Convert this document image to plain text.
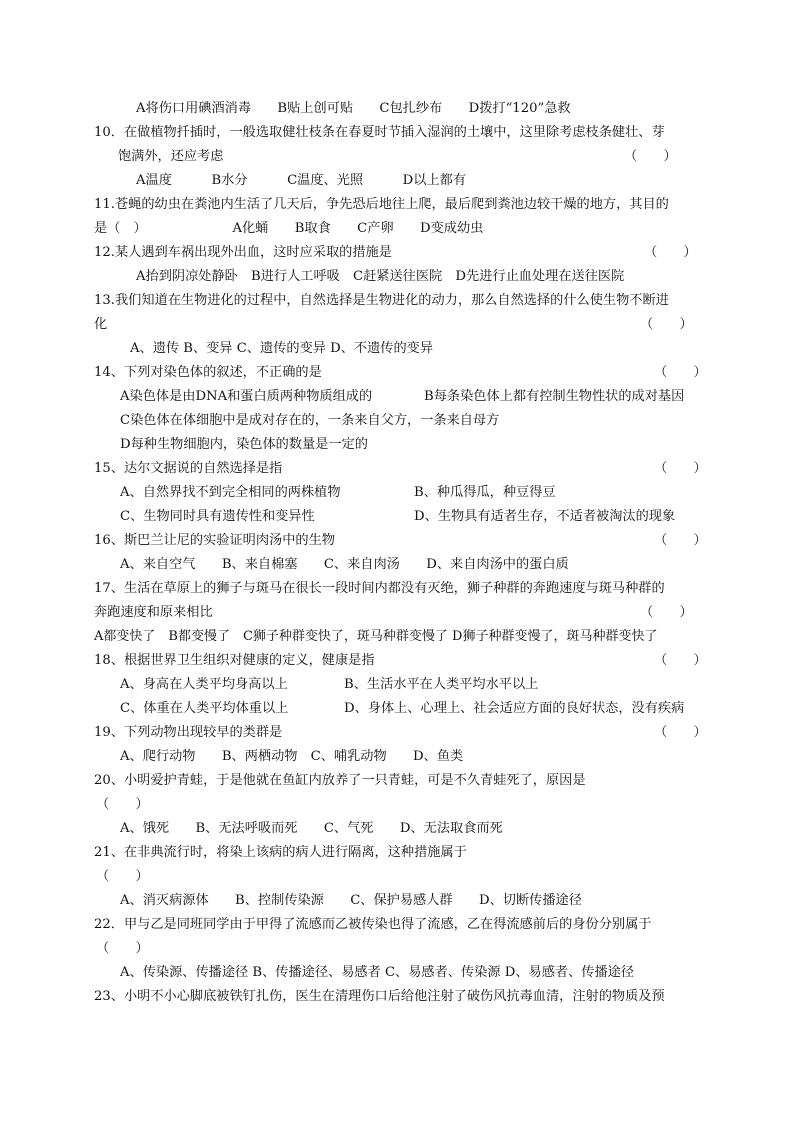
A将伤口用碘酒消毒　　B贴上创可贴　　C包扎纱布　　D拨打“120”急救
10．在做植物扦插时，一般选取健壮枝条在春夏时节插入湿润的土壤中，这里除考虑枝条健壮、芽
饱满外，还应考虑	（　　）
A温度　　　B水分　　　C温度、光照　　　D以上都有
11.苍蝇的幼虫在粪池内生活了几天后，争先恐后地往上爬，最后爬到粪池边较干燥的地方，其目的
是（　）　　　　　　　A化蛹　　B取食　　C产卵　　D变成幼虫
12.某人遇到车祸出现外出血，这时应采取的措施是	（　　）
A抬到阴凉处静卧　B进行人工呼吸　C赶紧送往医院　D先进行止血处理在送往医院
13.我们知道在生物进化的过程中，自然选择是生物进化的动力，那么自然选择的什么使生物不断进
化	（　　）
A、遗传 B、变异 C、遗传的变异 D、不遗传的变异
14、下列对染色体的叙述，不正确的是	（　　）
A染色体是由DNA和蛋白质两种物质组成的	B每条染色体上都有控制生物性状的成对基因
C染色体在体细胞中是成对存在的，一条来自父方，一条来自母方
D每种生物细胞内，染色体的数量是一定的
15、达尔文据说的自然选择是指	（　　）
A、自然界找不到完全相同的两株植物	B、种瓜得瓜，种豆得豆
C、生物同时具有遗传性和变异性	D、生物具有适者生存，不适者被淘汰的现象
16、斯巴兰让尼的实验证明肉汤中的生物	（　　）
A、来自空气　　B、来自棉塞　　C、来自肉汤　　D、来自肉汤中的蛋白质
17、生活在草原上的狮子与斑马在很长一段时间内都没有灭绝，狮子种群的奔跑速度与斑马种群的
奔跑速度和原来相比	（　　）
A都变快了　B都变慢了　C狮子种群变快了，斑马种群变慢了 D狮子种群变慢了，斑马种群变快了
18、根据世界卫生组织对健康的定义，健康是指	（　　）
A、身高在人类平均身高以上	B、生活水平在人类平均水平以上
C、体重在人类平均体重以上	D、身体上、心理上、社会适应方面的良好状态，没有疾病
19、下列动物出现较早的类群是	（　　）
A、爬行动物　　B、两栖动物　C、哺乳动物　　D、鱼类
20、小明爱护青蛙，于是他就在鱼缸内放养了一只青蛙，可是不久青蛙死了，原因是
（　　）
A、饿死　　B、无法呼吸而死　　C、气死　　D、无法取食而死
21、在非典流行时，将染上该病的病人进行隔离，这种措施属于
（　　）
A、消灭病源体　　B、控制传染源　　C、保护易感人群　　D、切断传播途径
22．甲与乙是同班同学由于甲得了流感而乙被传染也得了流感，乙在得流感前后的身份分别属于
（　　）
A、传染源、传播途径 B、传播途径、易感者 C、易感者、传染源 D、易感者、传播途径
23、小明不小心脚底被铁钉扎伤，医生在清理伤口后给他注射了破伤风抗毒血清，注射的物质及预
